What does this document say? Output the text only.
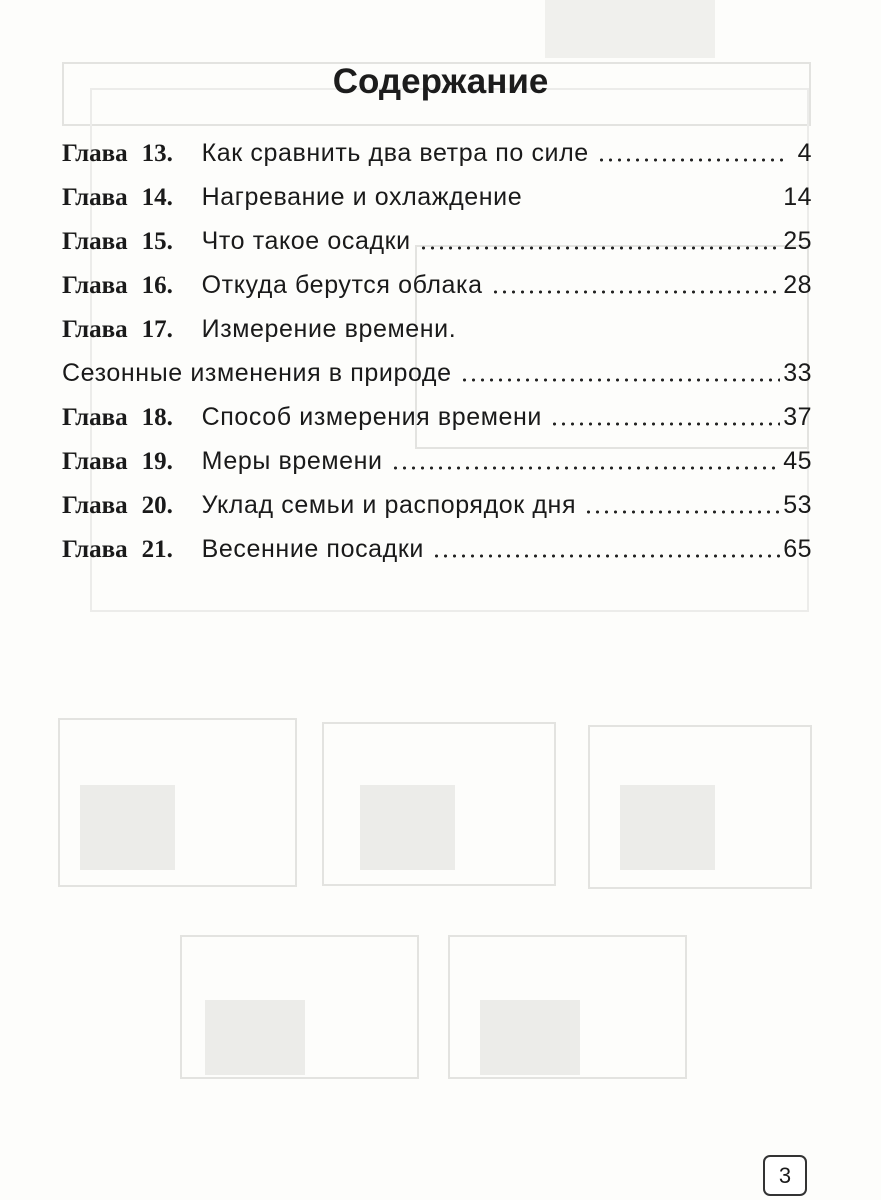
Содержание
Глава 13.	Как сравнить два ветра по силе	4
Глава 14.	Нагревание и охлаждение	14
Глава 15.	Что такое осадки	25
Глава 16.	Откуда берутся облака	28
Глава 17.	Измерение времени.
Сезонные изменения в природе	33
Глава 18.	Способ измерения времени	37
Глава 19.	Меры времени	45
Глава 20.	Уклад семьи и распорядок дня	53
Глава 21.	Весенние посадки	65
3
